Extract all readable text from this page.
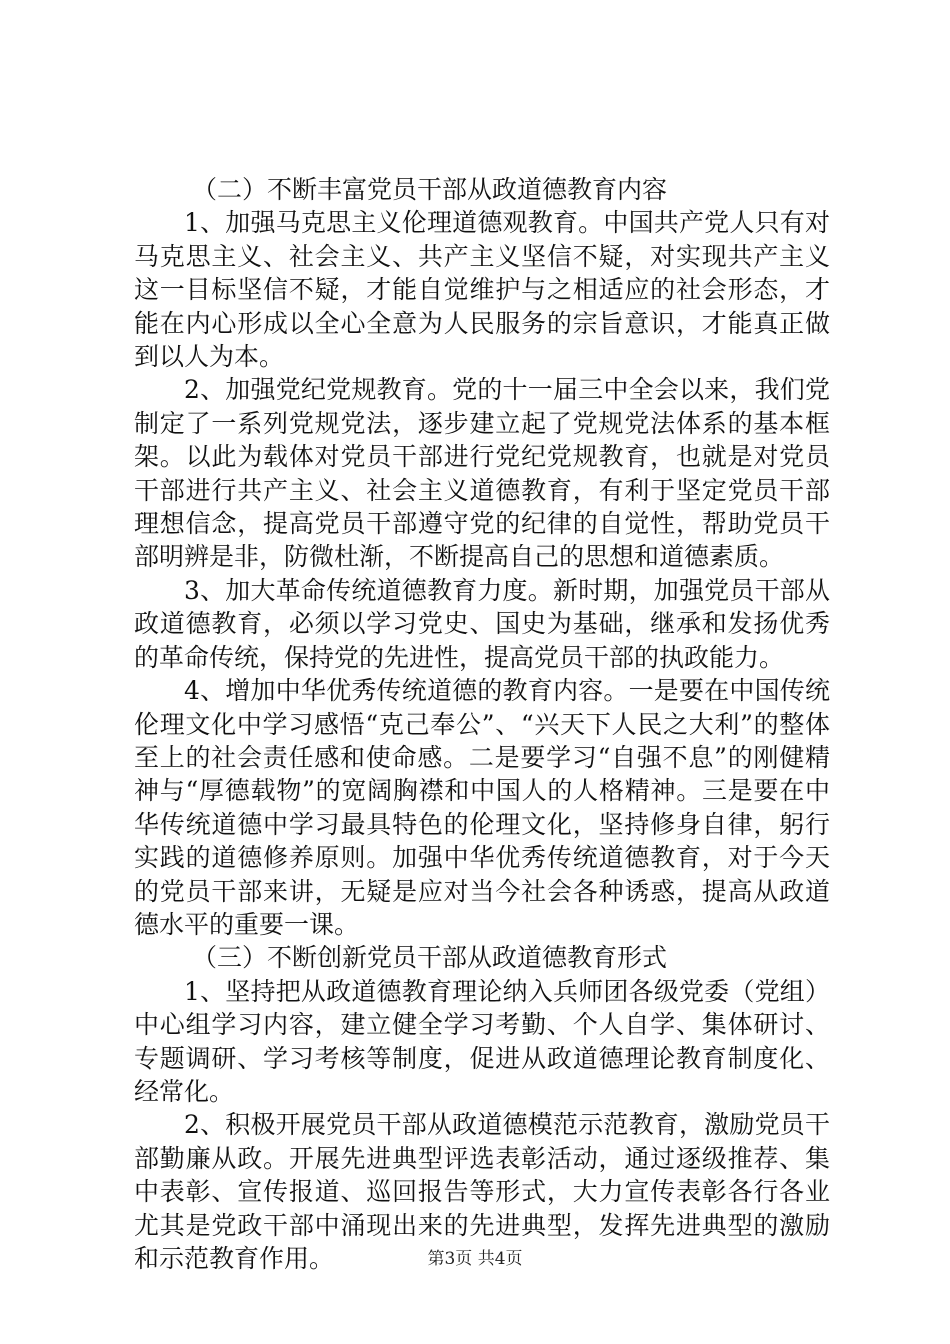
（二）不断丰富党员干部从政道德教育内容

1、加强马克思主义伦理道德观教育。中国共产党人只有对马克思主义、社会主义、共产主义坚信不疑，对实现共产主义这一目标坚信不疑，才能自觉维护与之相适应的社会形态，才能在内心形成以全心全意为人民服务的宗旨意识，才能真正做到以人为本。

2、加强党纪党规教育。党的十一届三中全会以来，我们党制定了一系列党规党法，逐步建立起了党规党法体系的基本框架。以此为载体对党员干部进行党纪党规教育，也就是对党员干部进行共产主义、社会主义道德教育，有利于坚定党员干部理想信念，提高党员干部遵守党的纪律的自觉性，帮助党员干部明辨是非，防微杜渐，不断提高自己的思想和道德素质。

3、加大革命传统道德教育力度。新时期，加强党员干部从政道德教育，必须以学习党史、国史为基础，继承和发扬优秀的革命传统，保持党的先进性，提高党员干部的执政能力。

4、增加中华优秀传统道德的教育内容。一是要在中国传统伦理文化中学习感悟“克己奉公”、“兴天下人民之大利”的整体至上的社会责任感和使命感。二是要学习“自强不息”的刚健精神与“厚德载物”的宽阔胸襟和中国人的人格精神。三是要在中华传统道德中学习最具特色的伦理文化，坚持修身自律，躬行实践的道德修养原则。加强中华优秀传统道德教育，对于今天的党员干部来讲，无疑是应对当今社会各种诱惑，提高从政道德水平的重要一课。

（三）不断创新党员干部从政道德教育形式

1、坚持把从政道德教育理论纳入兵师团各级党委（党组）中心组学习内容，建立健全学习考勤、个人自学、集体研讨、专题调研、学习考核等制度，促进从政道德理论教育制度化、经常化。

2、积极开展党员干部从政道德模范示范教育，激励党员干部勤廉从政。开展先进典型评选表彰活动，通过逐级推荐、集中表彰、宣传报道、巡回报告等形式，大力宣传表彰各行各业尤其是党政干部中涌现出来的先进典型，发挥先进典型的激励和示范教育作用。	第3页 共4页
